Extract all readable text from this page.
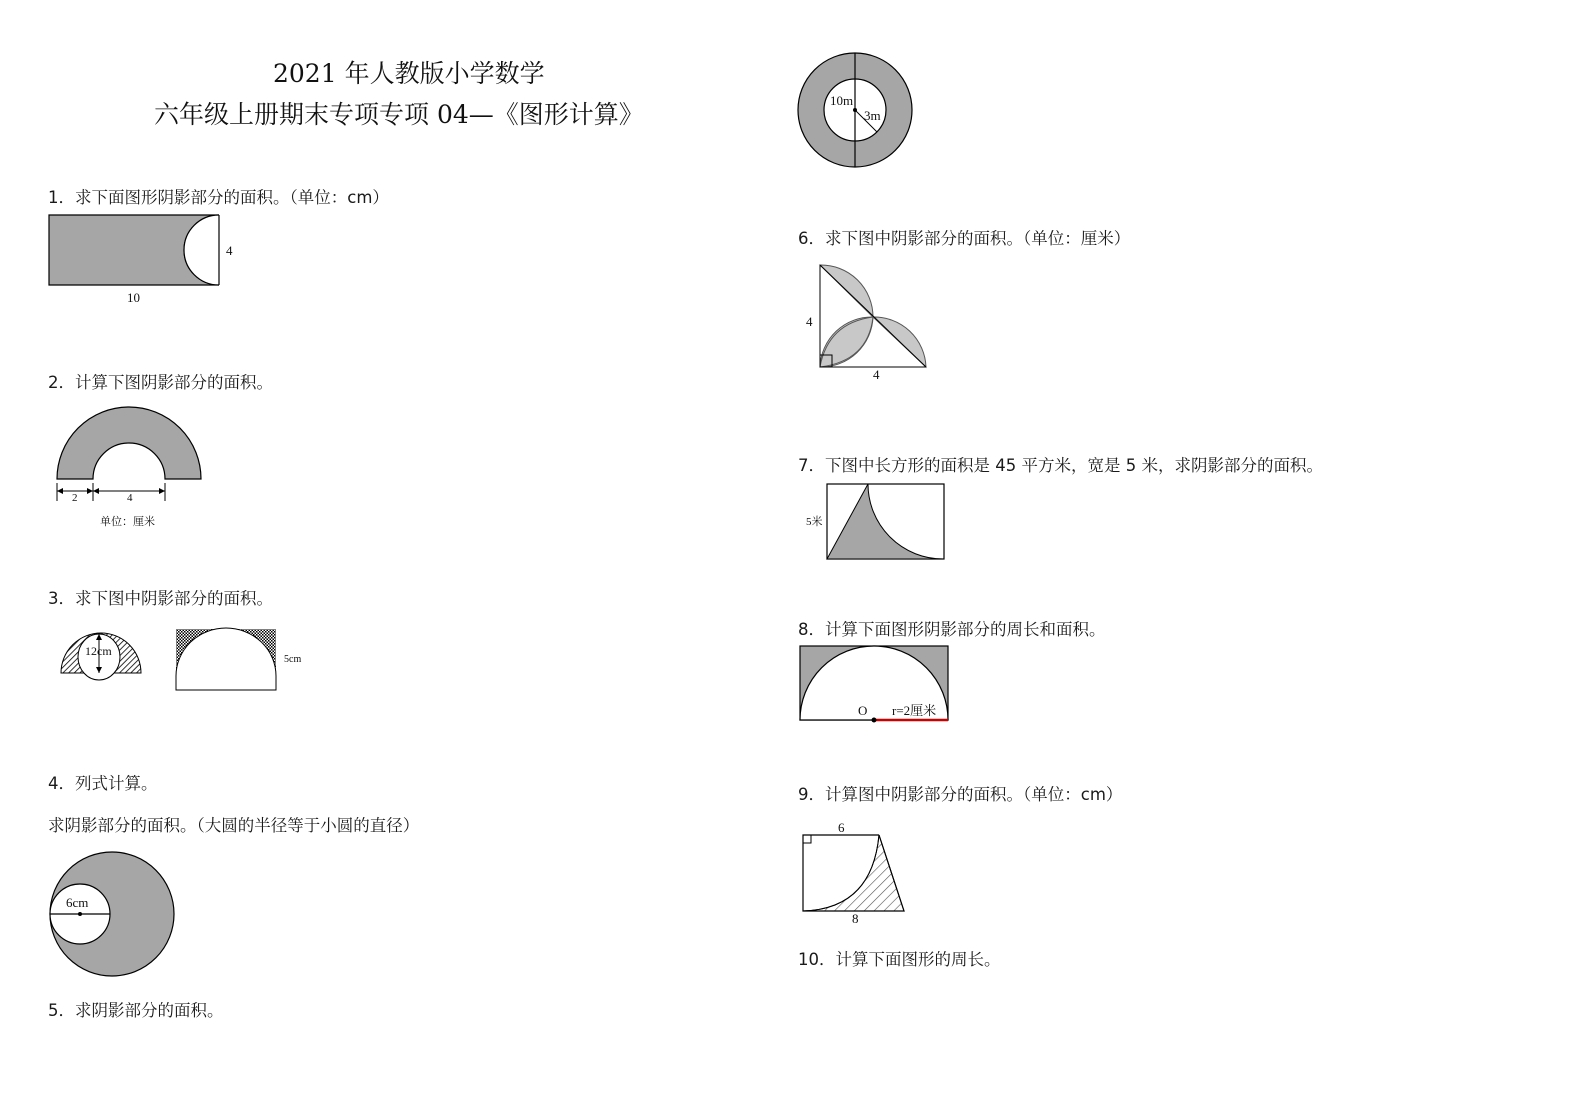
2021 年人教版小学数学
六年级上册期末专项专项 04—《图形计算》
1．求下面图形阴影部分的面积。（单位：cm）
4
10
2．计算下图阴影部分的面积。
2	4
单位：厘米
3．求下图中阴影部分的面积。
12cm
5cm
4．列式计算。
求阴影部分的面积。（大圆的半径等于小圆的直径）
6cm
5．求阴影部分的面积。
10m
3m
6．求下图中阴影部分的面积。（单位：厘米）
4
4
7．下图中长方形的面积是 45 平方米，宽是 5 米，求阴影部分的面积。
5米
8．计算下面图形阴影部分的周长和面积。
O r=2厘米
9．计算图中阴影部分的面积。（单位：cm）
6
8
10．计算下面图形的周长。
